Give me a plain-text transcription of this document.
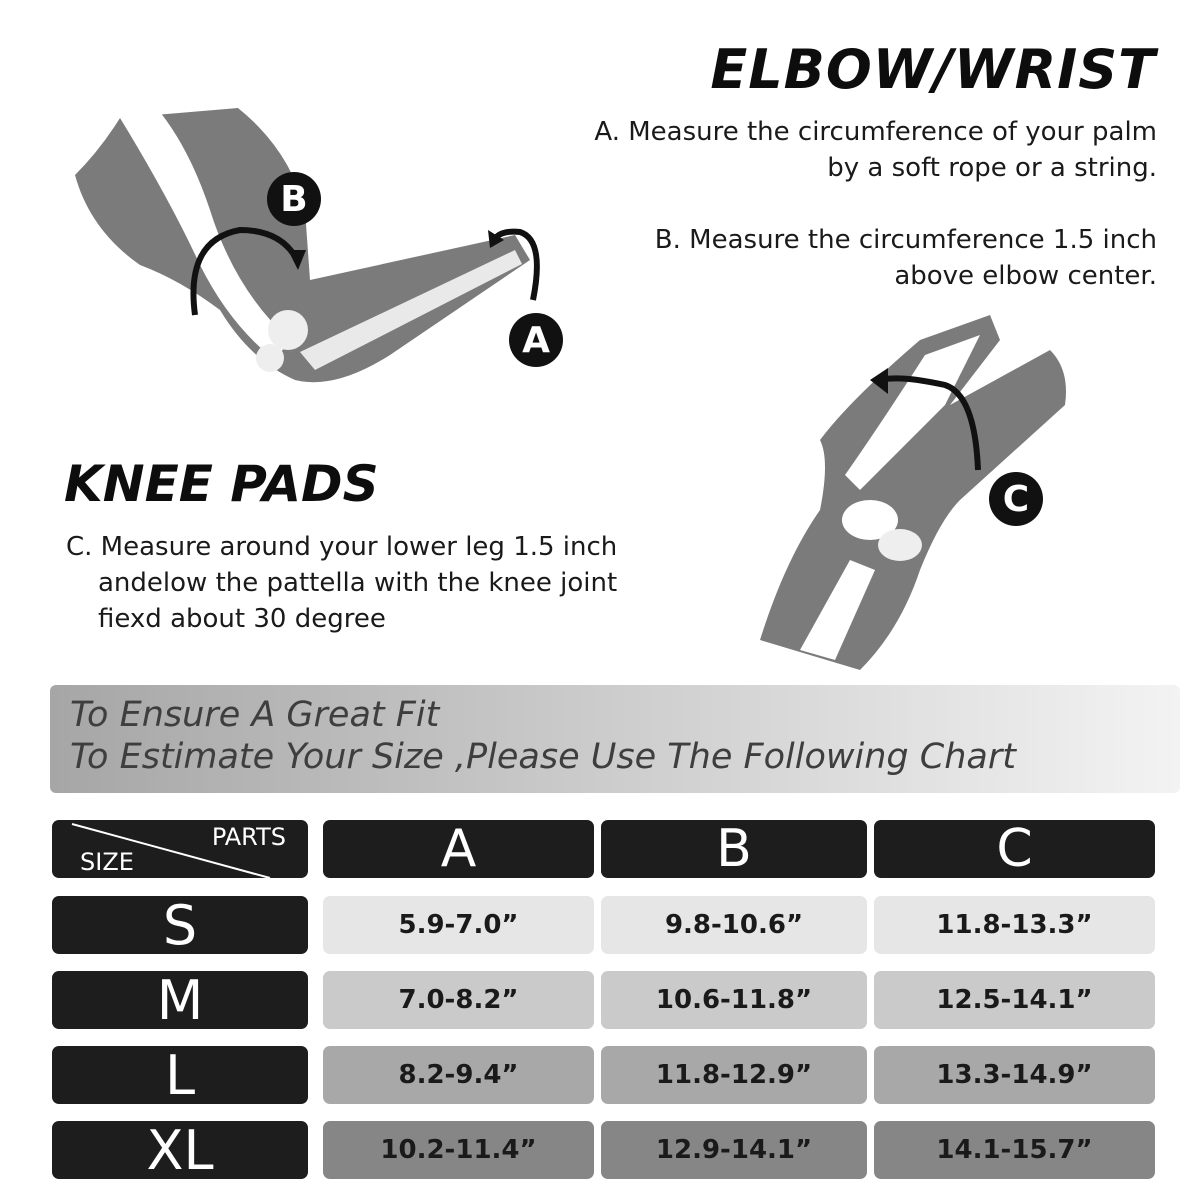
B
A
ELBOW/WRIST
A. Measure the circumference of your palm
by a soft rope or a string.
B. Measure the circumference 1.5 inch
above elbow center.
C
KNEE PADS
C. Measure around your lower leg 1.5 inch
andelow the pattella with the knee joint
fiexd about 30 degree
To Ensure A Great Fit
To Estimate Your Size ,Please Use The Following Chart
PARTS
SIZE	A	B	C
S	5.9-7.0”	9.8-10.6”	11.8-13.3”
M	7.0-8.2”	10.6-11.8”	12.5-14.1”
L	8.2-9.4”	11.8-12.9”	13.3-14.9”
XL	10.2-11.4”	12.9-14.1”	14.1-15.7”
